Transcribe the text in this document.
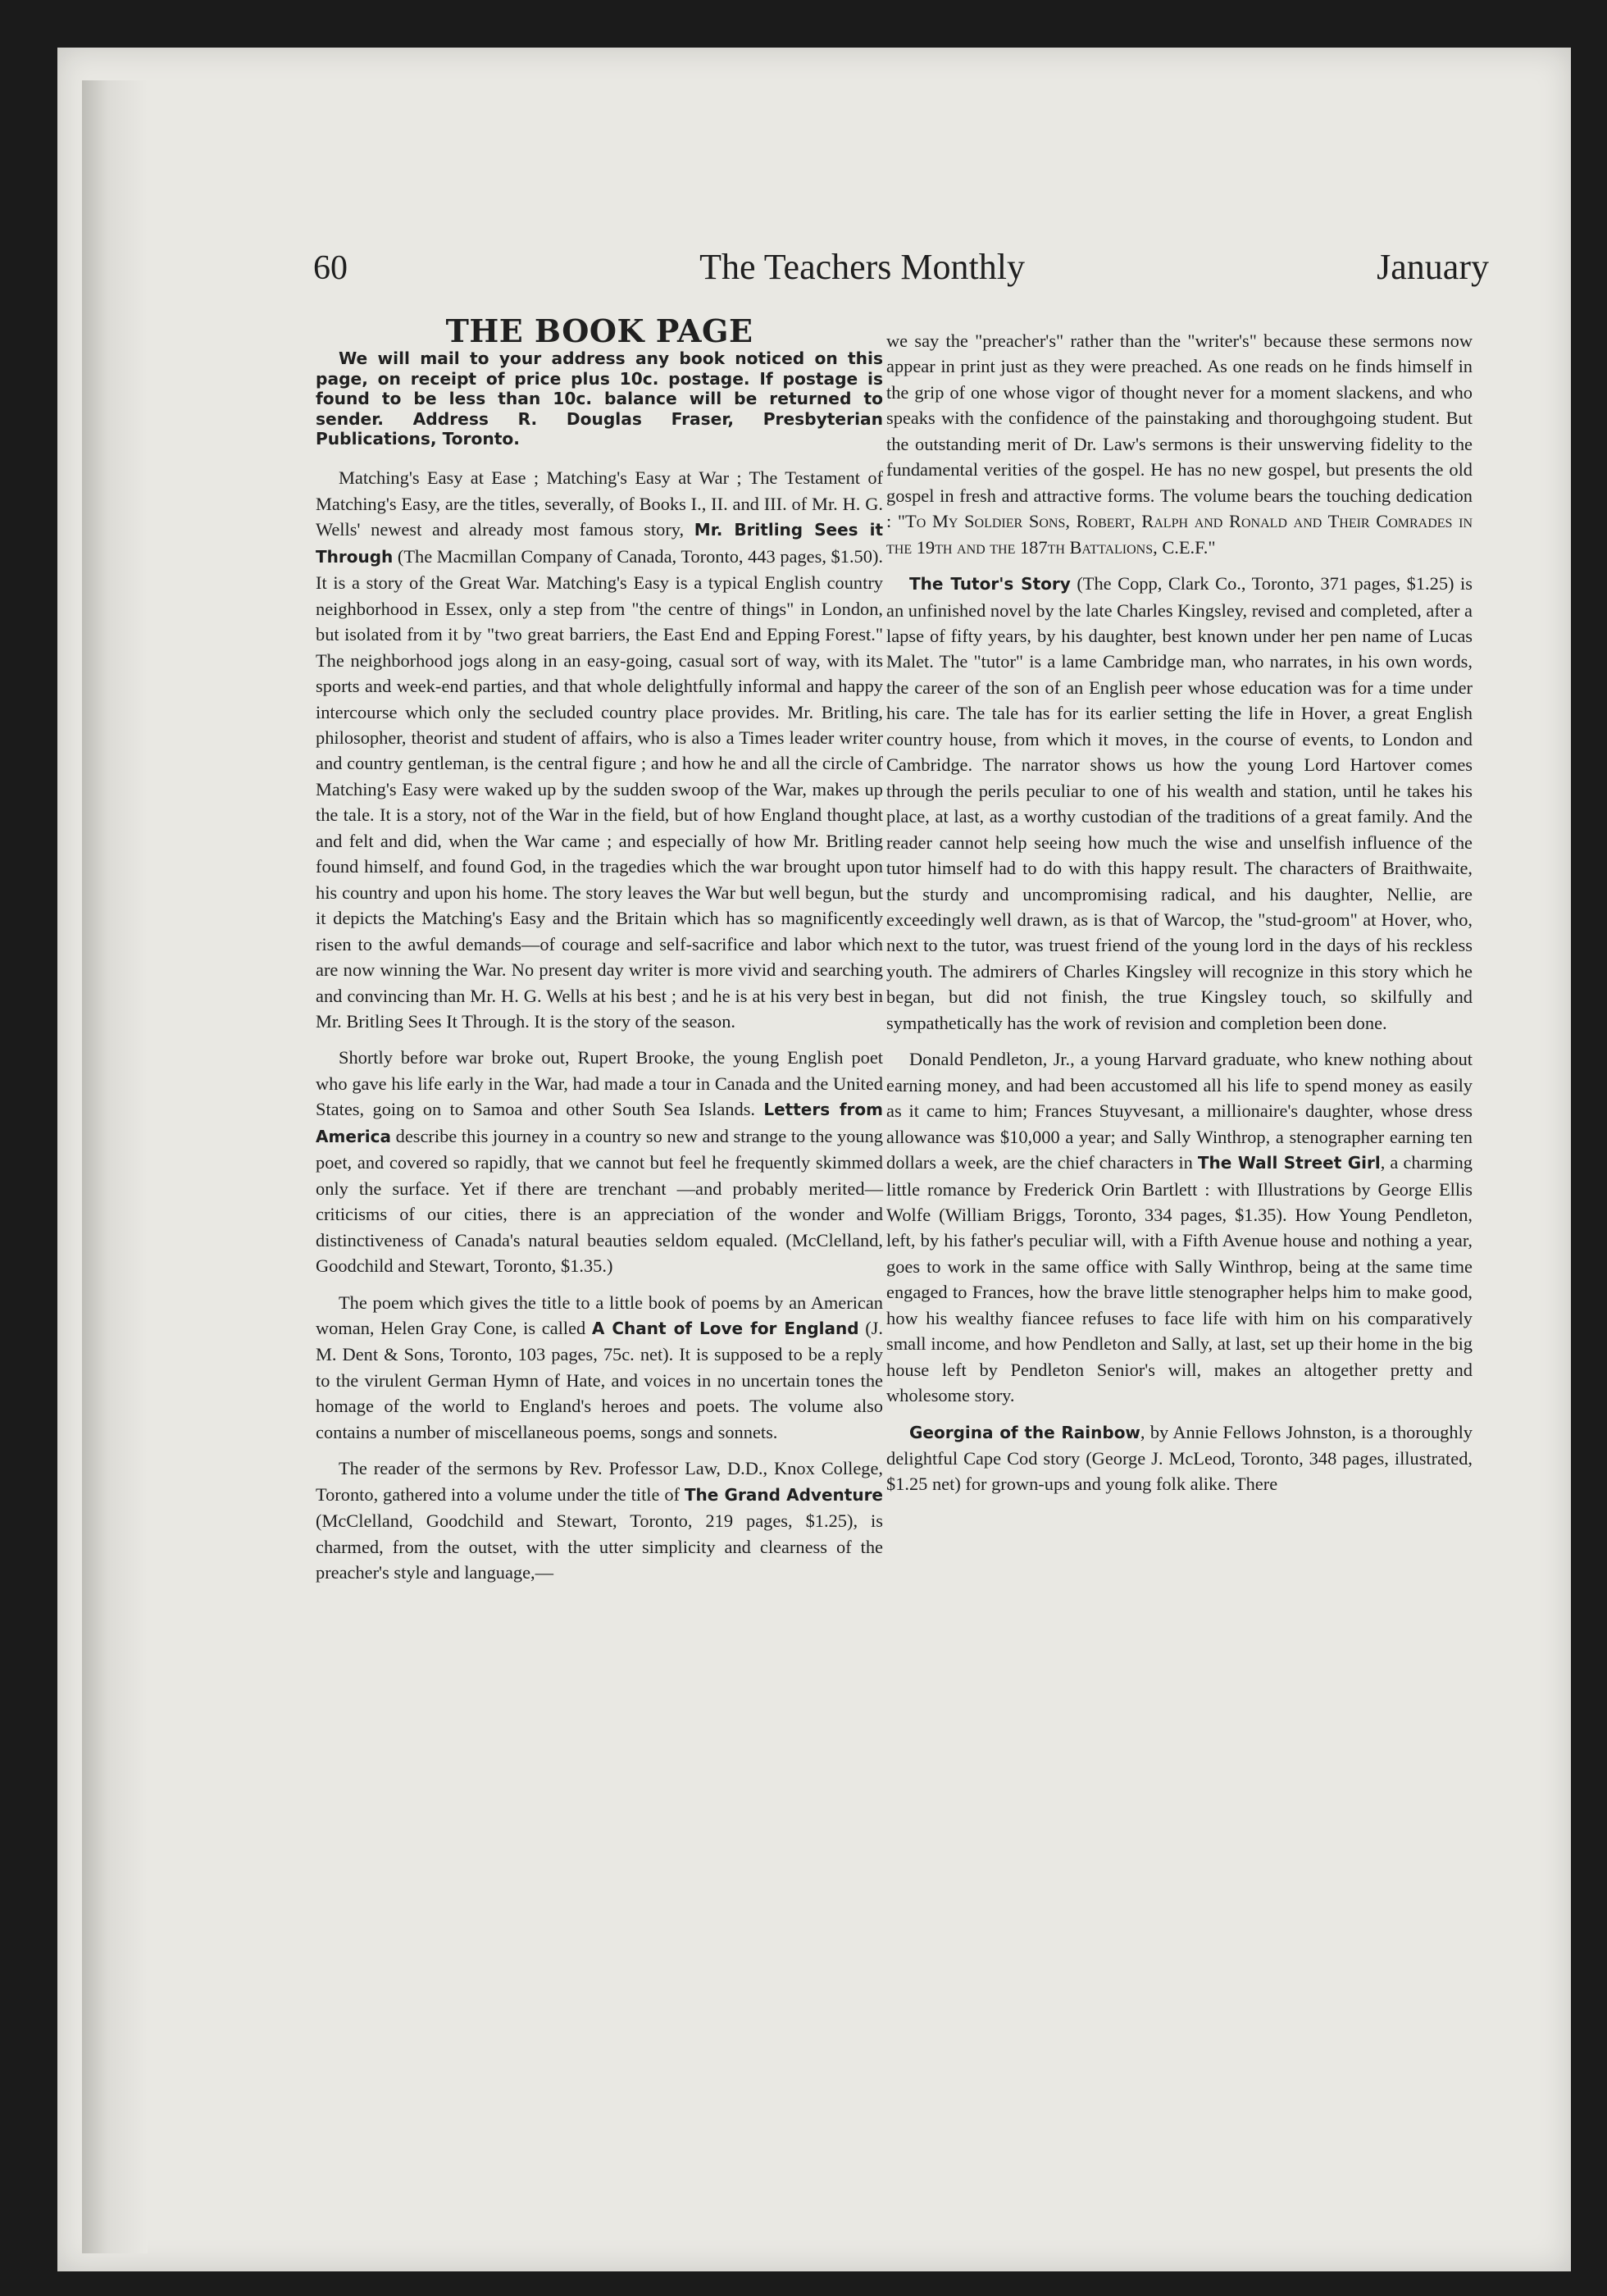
60	The Teachers Monthly	January
THE BOOK PAGE
We will mail to your address any book noticed on this page, on receipt of price plus 10c. postage. If postage is found to be less than 10c. balance will be returned to sender. Address R. Douglas Fraser, Presbyterian Publications, Toronto.

Matching's Easy at Ease ; Matching's Easy at War ; The Testament of Matching's Easy, are the titles, severally, of Books I., II. and III. of Mr. H. G. Wells' newest and already most famous story, Mr. Britling Sees it Through (The Macmillan Company of Canada, Toronto, 443 pages, $1.50). It is a story of the Great War. Matching's Easy is a typical English country neighborhood in Essex, only a step from "the centre of things" in London, but isolated from it by "two great barriers, the East End and Epping Forest." The neighborhood jogs along in an easy-going, casual sort of way, with its sports and week-end parties, and that whole delightfully informal and happy intercourse which only the secluded country place provides. Mr. Britling, philosopher, theorist and student of affairs, who is also a Times leader writer and country gentleman, is the central figure ; and how he and all the circle of Matching's Easy were waked up by the sudden swoop of the War, makes up the tale. It is a story, not of the War in the field, but of how England thought and felt and did, when the War came ; and especially of how Mr. Britling found himself, and found God, in the tragedies which the war brought upon his country and upon his home. The story leaves the War but well begun, but it depicts the Matching's Easy and the Britain which has so magnificently risen to the awful demands—of courage and self-sacrifice and labor which are now winning the War. No present day writer is more vivid and searching and convincing than Mr. H. G. Wells at his best ; and he is at his very best in Mr. Britling Sees It Through. It is the story of the season.

Shortly before war broke out, Rupert Brooke, the young English poet who gave his life early in the War, had made a tour in Canada and the United States, going on to Samoa and other South Sea Islands. Letters from America describe this journey in a country so new and strange to the young poet, and covered so rapidly, that we cannot but feel he frequently skimmed only the surface. Yet if there are trenchant —and probably merited—criticisms of our cities, there is an appreciation of the wonder and distinctiveness of Canada's natural beauties seldom equaled. (McClelland, Goodchild and Stewart, Toronto, $1.35.)

The poem which gives the title to a little book of poems by an American woman, Helen Gray Cone, is called A Chant of Love for England (J. M. Dent & Sons, Toronto, 103 pages, 75c. net). It is supposed to be a reply to the virulent German Hymn of Hate, and voices in no uncertain tones the homage of the world to England's heroes and poets. The volume also contains a number of miscellaneous poems, songs and sonnets.

The reader of the sermons by Rev. Professor Law, D.D., Knox College, Toronto, gathered into a volume under the title of The Grand Adventure (McClelland, Goodchild and Stewart, Toronto, 219 pages, $1.25), is charmed, from the outset, with the utter simplicity and clearness of the preacher's style and language,—

we say the "preacher's" rather than the "writer's" because these sermons now appear in print just as they were preached. As one reads on he finds himself in the grip of one whose vigor of thought never for a moment slackens, and who speaks with the confidence of the painstaking and thoroughgoing student. But the outstanding merit of Dr. Law's sermons is their unswerving fidelity to the fundamental verities of the gospel. He has no new gospel, but presents the old gospel in fresh and attractive forms. The volume bears the touching dedication : "To My Soldier Sons, Robert, Ralph and Ronald and Their Comrades in the 19th and the 187th Battalions, C.E.F."

The Tutor's Story (The Copp, Clark Co., Toronto, 371 pages, $1.25) is an unfinished novel by the late Charles Kingsley, revised and completed, after a lapse of fifty years, by his daughter, best known under her pen name of Lucas Malet. The "tutor" is a lame Cambridge man, who narrates, in his own words, the career of the son of an English peer whose education was for a time under his care. The tale has for its earlier setting the life in Hover, a great English country house, from which it moves, in the course of events, to London and Cambridge. The narrator shows us how the young Lord Hartover comes through the perils peculiar to one of his wealth and station, until he takes his place, at last, as a worthy custodian of the traditions of a great family. And the reader cannot help seeing how much the wise and unselfish influence of the tutor himself had to do with this happy result. The characters of Braithwaite, the sturdy and uncompromising radical, and his daughter, Nellie, are exceedingly well drawn, as is that of Warcop, the "stud-groom" at Hover, who, next to the tutor, was truest friend of the young lord in the days of his reckless youth. The admirers of Charles Kingsley will recognize in this story which he began, but did not finish, the true Kingsley touch, so skilfully and sympathetically has the work of revision and completion been done.

Donald Pendleton, Jr., a young Harvard graduate, who knew nothing about earning money, and had been accustomed all his life to spend money as easily as it came to him; Frances Stuyvesant, a millionaire's daughter, whose dress allowance was $10,000 a year; and Sally Winthrop, a stenographer earning ten dollars a week, are the chief characters in The Wall Street Girl, a charming little romance by Frederick Orin Bartlett : with Illustrations by George Ellis Wolfe (William Briggs, Toronto, 334 pages, $1.35). How Young Pendleton, left, by his father's peculiar will, with a Fifth Avenue house and nothing a year, goes to work in the same office with Sally Winthrop, being at the same time engaged to Frances, how the brave little stenographer helps him to make good, how his wealthy fiancee refuses to face life with him on his comparatively small income, and how Pendleton and Sally, at last, set up their home in the big house left by Pendleton Senior's will, makes an altogether pretty and wholesome story.

Georgina of the Rainbow, by Annie Fellows Johnston, is a thoroughly delightful Cape Cod story (George J. McLeod, Toronto, 348 pages, illustrated, $1.25 net) for grown-ups and young folk alike. There
